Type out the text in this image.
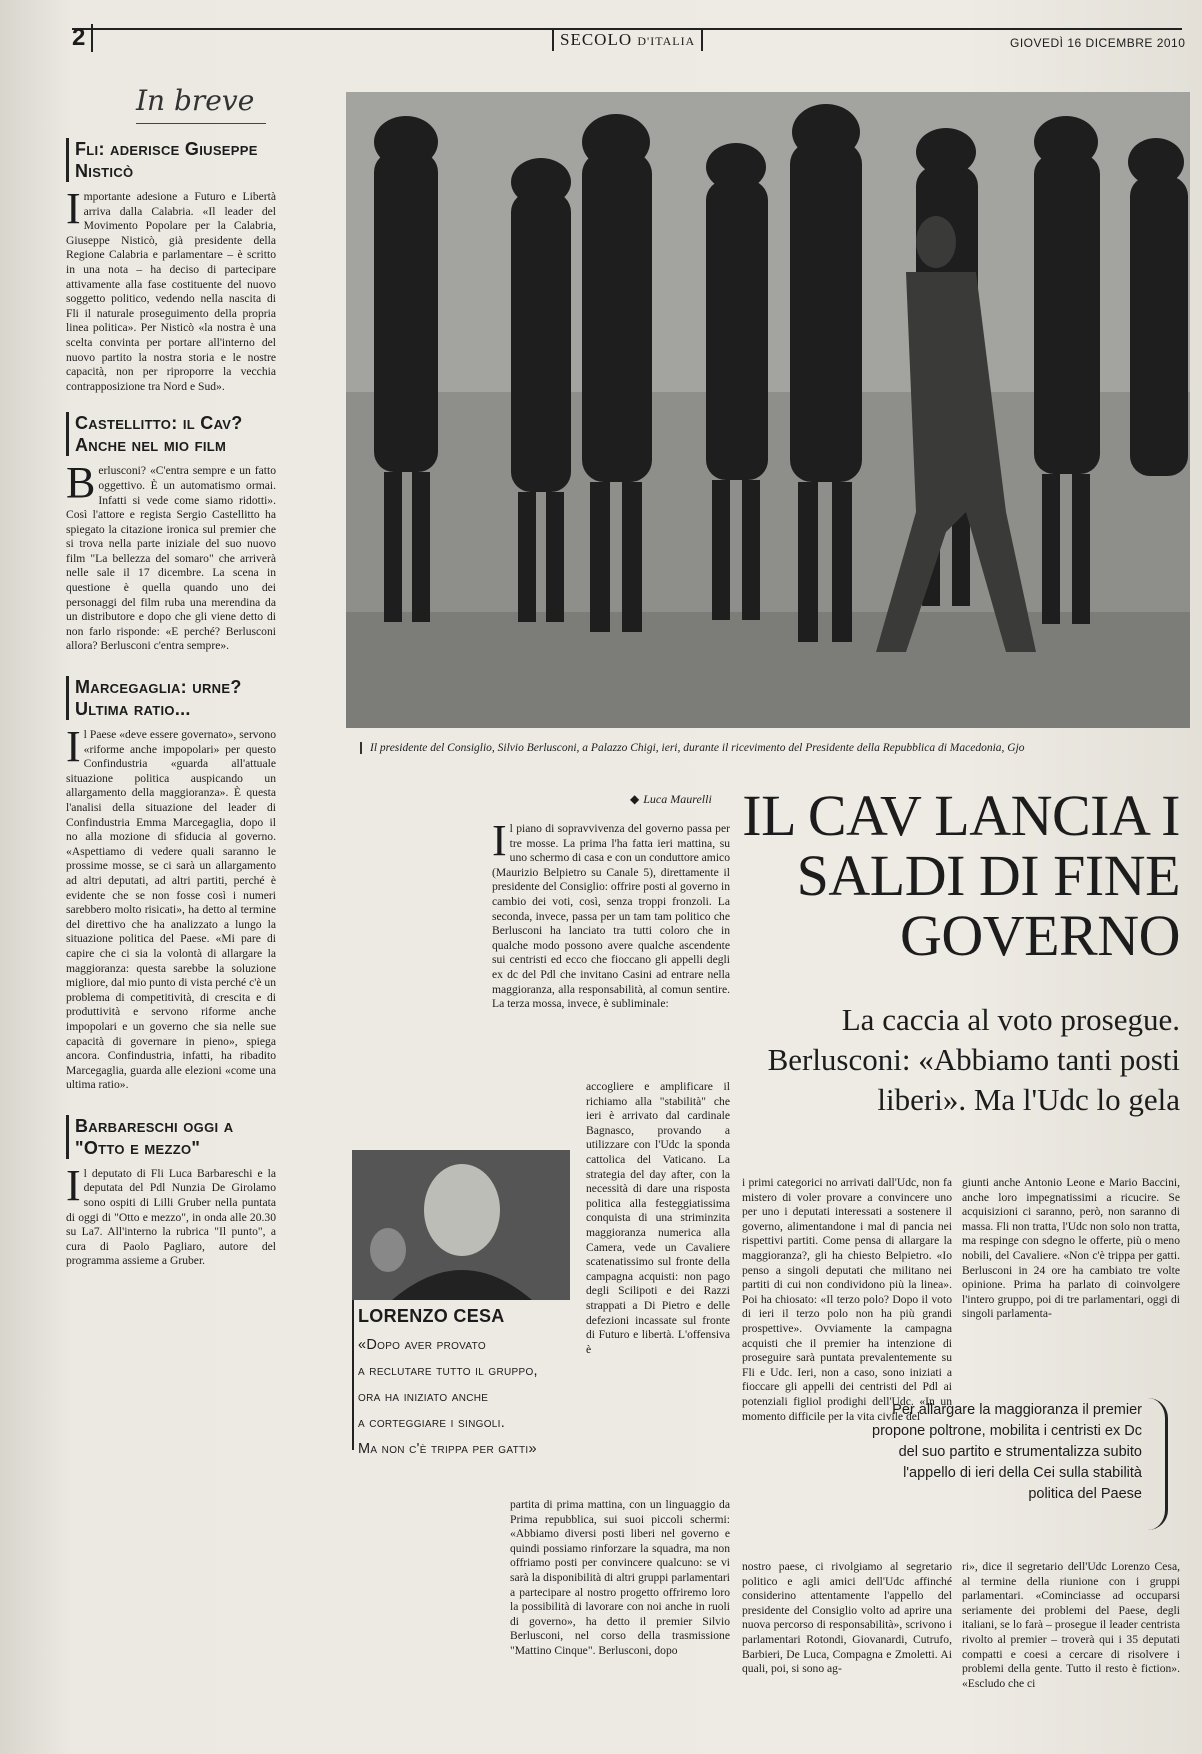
2	SECOLO D'ITALIA	GIOVEDÌ 16 DICEMBRE 2010
In breve
Fli: aderisce Giuseppe Nisticò
Importante adesione a Futuro e Libertà arriva dalla Calabria. «Il leader del Movimento Popolare per la Calabria, Giuseppe Nisticò, già presidente della Regione Calabria e parlamentare – è scritto in una nota – ha deciso di partecipare attivamente alla fase costituente del nuovo soggetto politico, vedendo nella nascita di Fli il naturale proseguimento della propria linea politica». Per Nisticò «la nostra è una scelta convinta per portare all'interno del nuovo partito la nostra storia e le nostre capacità, non per riproporre la vecchia contrapposizione tra Nord e Sud».
Castellitto: il Cav? Anche nel mio film
Berlusconi? «C'entra sempre e un fatto oggettivo. È un automatismo ormai. Infatti si vede come siamo ridotti». Così l'attore e regista Sergio Castellitto ha spiegato la citazione ironica sul premier che si trova nella parte iniziale del suo nuovo film "La bellezza del somaro" che arriverà nelle sale il 17 dicembre. La scena in questione è quella quando uno dei personaggi del film ruba una merendina da un distributore e dopo che gli viene detto di non farlo risponde: «E perché? Berlusconi allora? Berlusconi c'entra sempre».
Marcegaglia: urne? Ultima ratio...
Il Paese «deve essere governato», servono «riforme anche impopolari» per questo Confindustria «guarda all'attuale situazione politica auspicando un allargamento della maggioranza». È questa l'analisi della situazione del leader di Confindustria Emma Marcegaglia, dopo il no alla mozione di sfiducia al governo. «Aspettiamo di vedere quali saranno le prossime mosse, se ci sarà un allargamento ad altri deputati, ad altri partiti, perché è evidente che se non fosse così i numeri sarebbero molto risicati», ha detto al termine del direttivo che ha analizzato a lungo la situazione politica del Paese. «Mi pare di capire che ci sia la volontà di allargare la maggioranza: questa sarebbe la soluzione migliore, dal mio punto di vista perché c'è un problema di competitività, di crescita e di produttività e servono riforme anche impopolari e un governo che sia nelle sue capacità di governare in pieno», spiega ancora. Confindustria, infatti, ha ribadito Marcegaglia, guarda alle elezioni «come una ultima ratio».
Barbareschi oggi a "Otto e mezzo"
Il deputato di Fli Luca Barbareschi e la deputata del Pdl Nunzia De Girolamo sono ospiti di Lilli Gruber nella puntata di oggi di "Otto e mezzo", in onda alle 20.30 su La7. All'interno la rubrica "Il punto", a cura di Paolo Pagliaro, autore del programma assieme a Gruber.
Il presidente del Consiglio, Silvio Berlusconi, a Palazzo Chigi, ieri, durante il ricevimento del Presidente della Repubblica di Macedonia, Gjo
◆ Luca Maurelli IL CAV LANCIA I SALDI DI FINE GOVERNO
La caccia al voto prosegue. Berlusconi: «Abbiamo tanti posti liberi». Ma l'Udc lo gela

Il piano di sopravvivenza del governo passa per tre mosse. La prima l'ha fatta ieri mattina, su uno schermo di casa e con un conduttore amico (Maurizio Belpietro su Canale 5), direttamente il presidente del Consiglio: offrire posti al governo in cambio dei voti, così, senza troppi fronzoli. La seconda, invece, passa per un tam tam politico che Berlusconi ha lanciato tra tutti coloro che in qualche modo possono avere qualche ascendente sui centristi ed ecco che fioccano gli appelli degli ex dc del Pdl che invitano Casini ad entrare nella maggioranza, alla responsabilità, al comun sentire. La terza mossa, invece, è subliminale:

accogliere e amplificare il richiamo alla "stabilità" che ieri è arrivato dal cardinale Bagnasco, provando a utilizzare con l'Udc la sponda cattolica del Vaticano. La strategia del day after, con la necessità di dare una risposta politica alla festeggiatissima conquista di una striminzita maggioranza numerica alla Camera, vede un Cavaliere scatenatissimo sul fronte della campagna acquisti: non pago degli Scilipoti e dei Razzi strappati a Di Pietro e delle defezioni incassate sul fronte di Futuro e libertà. L'offensiva è

partita di prima mattina, con un linguaggio da Prima repubblica, sui suoi piccoli schermi: «Abbiamo diversi posti liberi nel governo e quindi possiamo rinforzare la squadra, ma non offriamo posti per convincere qualcuno: se vi sarà la disponibilità di altri gruppi parlamentari a partecipare al nostro progetto offriremo loro la possibilità di lavorare con noi anche in ruoli di governo», ha detto il premier Silvio Berlusconi, nel corso della trasmissione "Mattino Cinque". Berlusconi, dopo

i primi categorici no arrivati dall'Udc, non fa mistero di voler provare a convincere uno per uno i deputati interessati a sostenere il governo, alimentandone i mal di pancia nei rispettivi partiti. Come pensa di allargare la maggioranza?, gli ha chiesto Belpietro. «Io penso a singoli deputati che militano nei partiti di cui non condividono più la linea». Poi ha chiosato: «Il terzo polo? Dopo il voto di ieri il terzo polo non ha più grandi prospettive». Ovviamente la campagna acquisti che il premier ha intenzione di proseguire sarà puntata prevalentemente su Fli e Udc. Ieri, non a caso, sono iniziati a fioccare gli appelli dei centristi del Pdl ai potenziali figliol prodighi dell'Udc. «In un momento difficile per la vita civile del

nostro paese, ci rivolgiamo al segretario politico e agli amici dell'Udc affinché considerino attentamente l'appello del presidente del Consiglio volto ad aprire una nuova percorso di responsabilità», scrivono i parlamentari Rotondi, Giovanardi, Cutrufo, Barbieri, De Luca, Compagna e Zmoletti. Ai quali, poi, si sono ag-

giunti anche Antonio Leone e Mario Baccini, anche loro impegnatissimi a ricucire. Se acquisizioni ci saranno, però, non saranno di massa. Fli non tratta, l'Udc non solo non tratta, ma respinge con sdegno le offerte, più o meno nobili, del Cavaliere. «Non c'è trippa per gatti. Berlusconi in 24 ore ha cambiato tre volte opinione. Prima ha parlato di coinvolgere l'intero gruppo, poi di tre parlamentari, oggi di singoli parlamenta-

ri», dice il segretario dell'Udc Lorenzo Cesa, al termine della riunione con i gruppi parlamentari. «Cominciasse ad occuparsi seriamente dei problemi del Paese, degli italiani, se lo farà – prosegue il leader centrista rivolto al premier – troverà qui i 35 deputati compatti e coesi a cercare di risolvere i problemi della gente. Tutto il resto è fiction». «Escludo che ci

LORENZO CESA
«Dopo aver provato
a reclutare tutto il gruppo,
ora ha iniziato anche
a corteggiare i singoli.
Ma non c'è trippa per gatti»
Per allargare la maggioranza il premier propone poltrone, mobilita i centristi ex Dc del suo partito e strumentalizza subito l'appello di ieri della Cei sulla stabilità politica del Paese
